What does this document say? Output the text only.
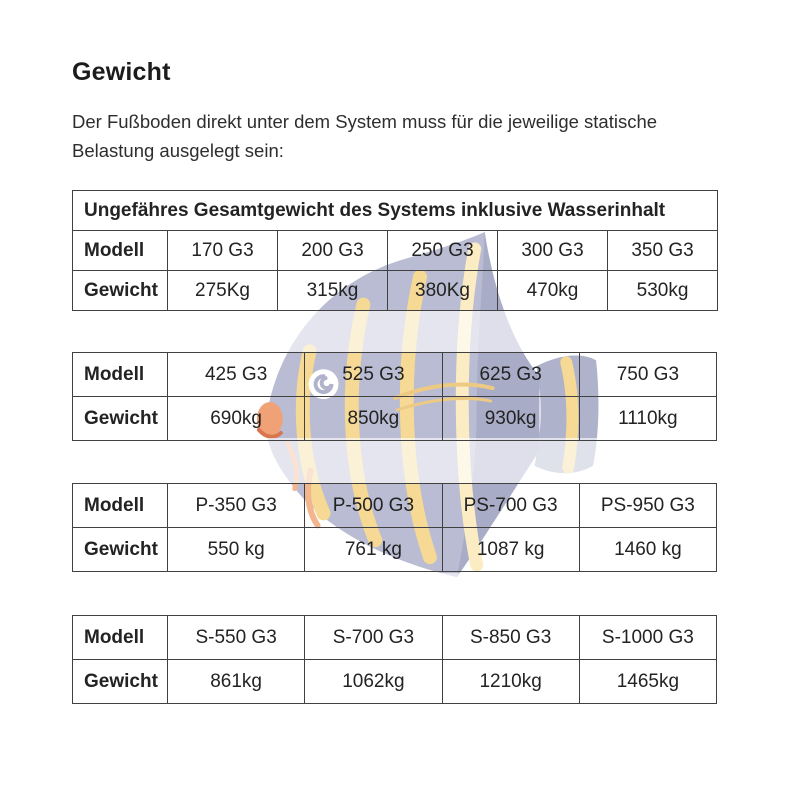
Gewicht
Der Fußboden direkt unter dem System muss für die jeweilige statische
Belastung ausgelegt sein:
Ungefähres Gesamtgewicht des Systems inklusive Wasserinhalt					
Modell	170 G3	200 G3	250 G3	300 G3	350 G3
Gewicht	275Kg	315kg	380Kg	470kg	530kg
Modell	425 G3	525 G3	625 G3	750 G3
Gewicht	690kg	850kg	930kg	1110kg
Modell	P-350 G3	P-500 G3	PS-700 G3	PS-950 G3
Gewicht	550 kg	761 kg	1087 kg	1460 kg
Modell	S-550 G3	S-700 G3	S-850 G3	S-1000 G3
Gewicht	861kg	1062kg	1210kg	1465kg
